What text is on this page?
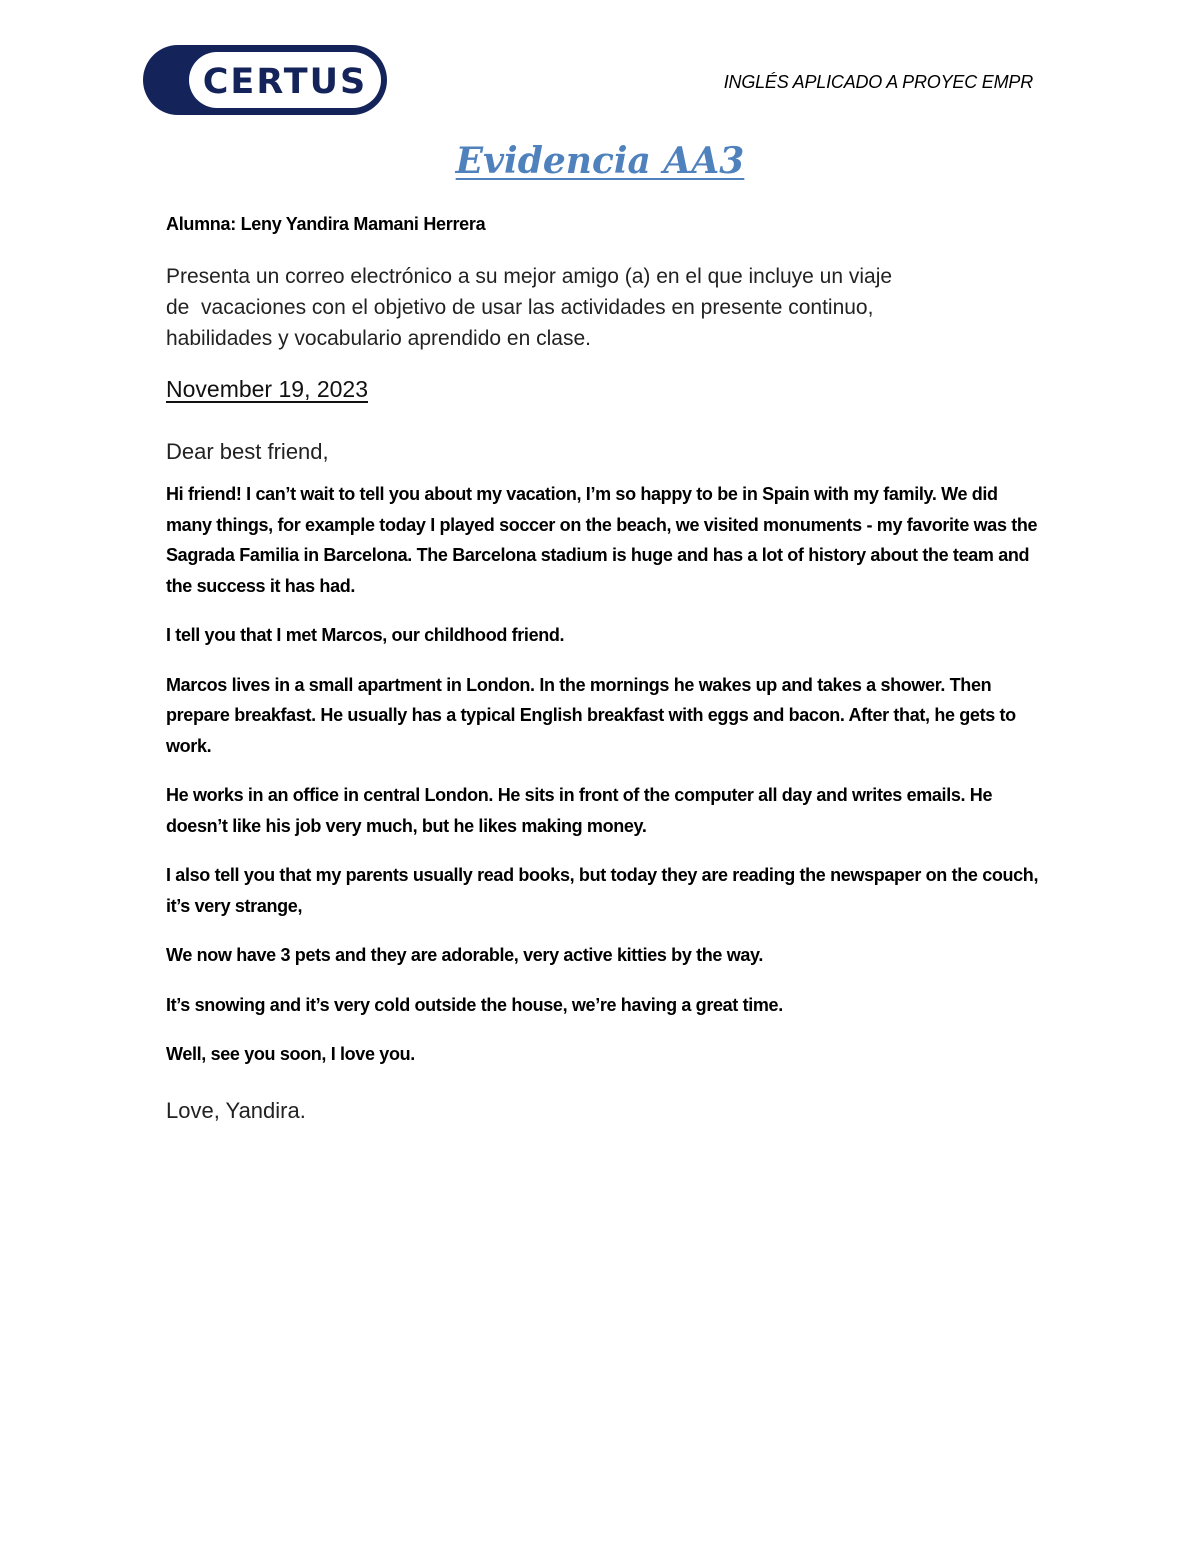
CERTUS	INGLÉS APLICADO A PROYEC EMPR
Evidencia AA3
Alumna: Leny Yandira Mamani Herrera
Presenta un correo electrónico a su mejor amigo (a) en el que incluye un viaje
de  vacaciones con el objetivo de usar las actividades en presente continuo,
habilidades y vocabulario aprendido en clase.
November 19, 2023
Dear best friend,

Hi friend! I can’t wait to tell you about my vacation, I’m so happy to be in Spain with my family. We did many things, for example today I played soccer on the beach, we visited monuments - my favorite was the Sagrada Familia in Barcelona. The Barcelona stadium is huge and has a lot of history about the team and the success it has had.

I tell you that I met Marcos, our childhood friend.

Marcos lives in a small apartment in London. In the mornings he wakes up and takes a shower. Then prepare breakfast. He usually has a typical English breakfast with eggs and bacon. After that, he gets to work.

He works in an office in central London. He sits in front of the computer all day and writes emails. He doesn’t like his job very much, but he likes making money.

I also tell you that my parents usually read books, but today they are reading the newspaper on the couch, it’s very strange,

We now have 3 pets and they are adorable, very active kitties by the way.

It’s snowing and it’s very cold outside the house, we’re having a great time.

Well, see you soon, I love you.

Love, Yandira.
